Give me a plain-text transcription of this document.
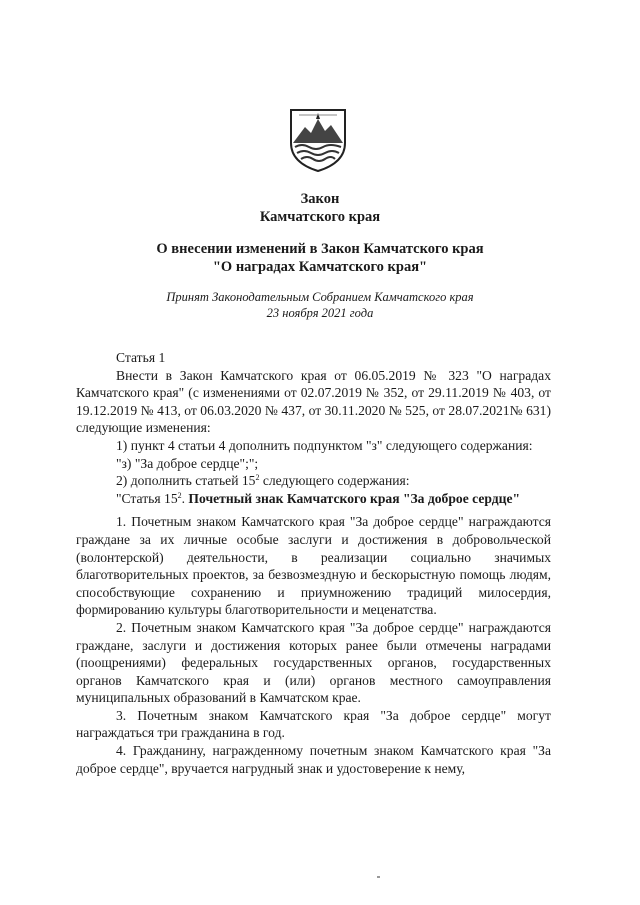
Закон
Камчатского края
О внесении изменений в Закон Камчатского края
"О наградах Камчатского края"
Принят Законодательным Собранием Камчатского края
23 ноября 2021 года

Статья 1

Внести в Закон Камчатского края от 06.05.2019 № 323 "О наградах Камчатского края" (с изменениями от 02.07.2019 № 352, от 29.11.2019 № 403, от 19.12.2019 № 413, от 06.03.2020 № 437, от 30.11.2020 № 525, от 28.07.2021№ 631) следующие изменения:

1) пункт 4 статьи 4 дополнить подпунктом "з" следующего содержания:

"з) "За доброе сердце";";

2) дополнить статьей $15^2$ следующего содержания:

"Статья $15^2$. Почетный знак Камчатского края "За доброе сердце"

1. Почетным знаком Камчатского края "За доброе сердце" награждаются граждане за их личные особые заслуги и достижения в добровольческой (волонтерской) деятельности, в реализации социально значимых благотворительных проектов, за безвозмездную и бескорыстную помощь людям, способствующие сохранению и приумножению традиций милосердия, формированию культуры благотворительности и меценатства.

2. Почетным знаком Камчатского края "За доброе сердце" награждаются граждане, заслуги и достижения которых ранее были отмечены наградами (поощрениями) федеральных государственных органов, государственных органов Камчатского края и (или) органов местного самоуправления муниципальных образований в Камчатском крае.

3. Почетным знаком Камчатского края "За доброе сердце" могут награждаться три гражданина в год.

4. Гражданину, награжденному почетным знаком Камчатского края "За доброе сердце", вручается нагрудный знак и удостоверение к нему,
